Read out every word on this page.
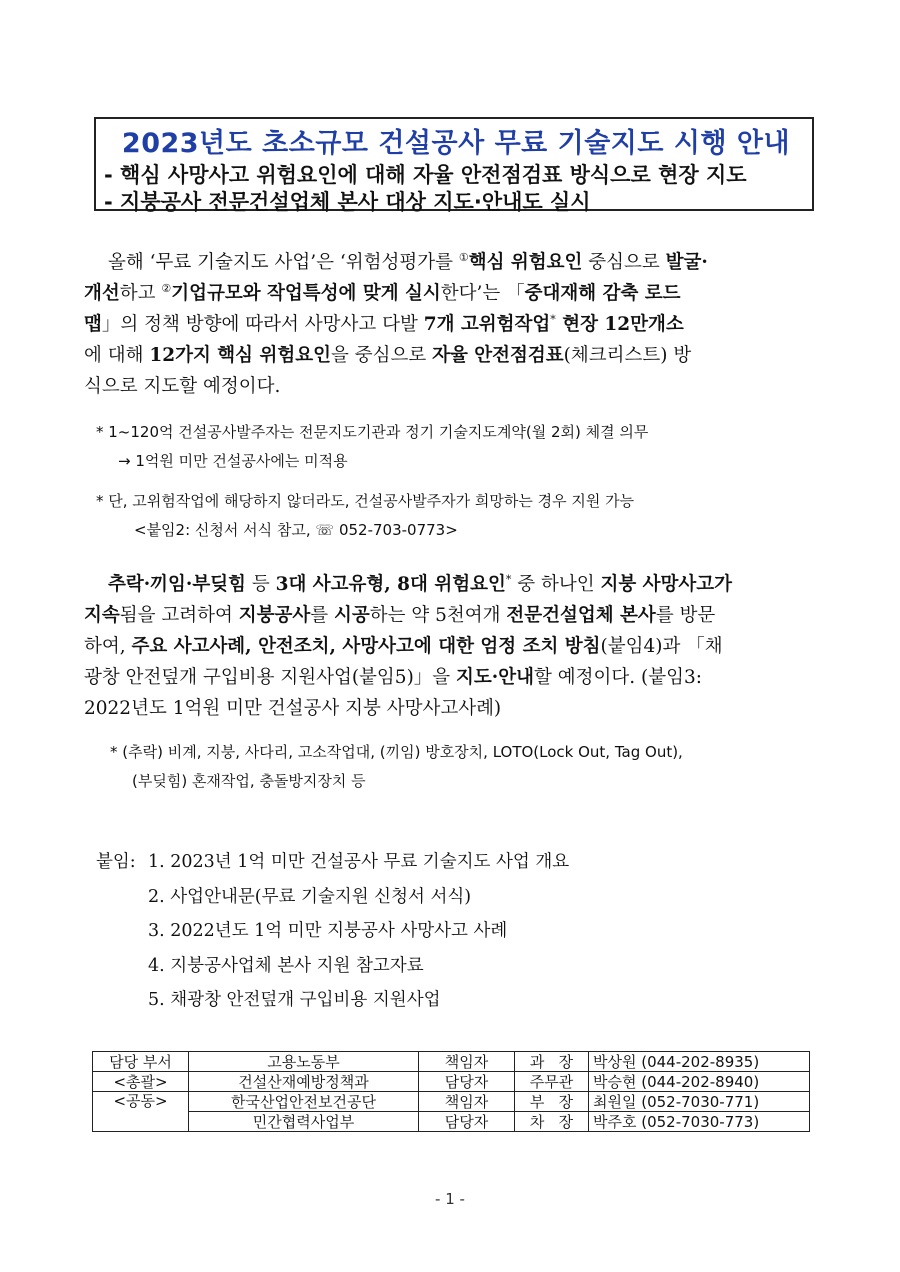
2023년도 초소규모 건설공사 무료 기술지도 시행 안내
- 핵심 사망사고 위험요인에 대해 자율 안전점검표 방식으로 현장 지도
- 지붕공사 전문건설업체 본사 대상 지도·안내도 실시

올해 ‘무료 기술지도 사업’은 ‘위험성평가를 ①핵심 위험요인 중심으로 발굴·

개선하고 ②기업규모와 작업특성에 맞게 실시한다’는 「중대재해 감축 로드

맵」의 정책 방향에 따라서 사망사고 다발 7개 고위험작업* 현장 12만개소

에 대해 12가지 핵심 위험요인을 중심으로 자율 안전점검표(체크리스트) 방

식으로 지도할 예정이다.

* 1~120억 건설공사발주자는 전문지도기관과 정기 기술지도계약(월 2회) 체결 의무
→ 1억원 미만 건설공사에는 미적용
* 단, 고위험작업에 해당하지 않더라도, 건설공사발주자가 희망하는 경우 지원 가능
<붙임2: 신청서 서식 참고, ☏ 052-703-0773>

추락·끼임·부딪힘 등 3대 사고유형, 8대 위험요인* 중 하나인 지붕 사망사고가

지속됨을 고려하여 지붕공사를 시공하는 약 5천여개 전문건설업체 본사를 방문

하여, 주요 사고사례, 안전조치, 사망사고에 대한 엄정 조치 방침(붙임4)과 「채

광창 안전덮개 구입비용 지원사업(붙임5)」을 지도·안내할 예정이다. (붙임3:

2022년도 1억원 미만 건설공사 지붕 사망사고사례)

* (추락) 비계, 지붕, 사다리, 고소작업대, (끼임) 방호장치, LOTO(Lock Out, Tag Out),
(부딪힘) 혼재작업, 충돌방지장치 등
붙임: 1. 2023년 1억 미만 건설공사 무료 기술지도 사업 개요
2. 사업안내문(무료 기술지원 신청서 서식)
3. 2022년도 1억 미만 지붕공사 사망사고 사례
4. 지붕공사업체 본사 지원 참고자료
5. 채광창 안전덮개 구입비용 지원사업
담당 부서	고용노동부	책임자	과   장	박상원 (044-202-8935)
<총괄>	건설산재예방정책과	담당자	주무관	박승현 (044-202-8940)
<공동>	한국산업안전보건공단	책임자	부   장	최원일 (052-7030-771)
	민간협력사업부	담당자	차   장	박주호 (052-7030-773)
- 1 -
